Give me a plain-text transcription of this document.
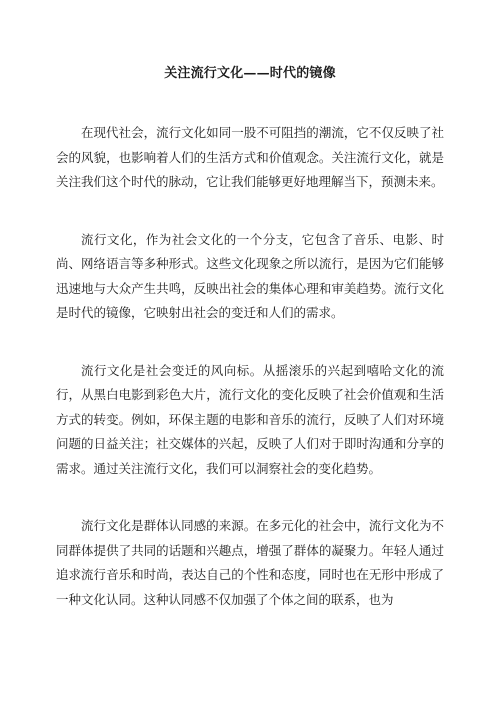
关注流行文化——时代的镜像

在现代社会，流行文化如同一股不可阻挡的潮流，它不仅反映了社会的风貌，也影响着人们的生活方式和价值观念。关注流行文化，就是关注我们这个时代的脉动，它让我们能够更好地理解当下，预测未来。

流行文化，作为社会文化的一个分支，它包含了音乐、电影、时尚、网络语言等多种形式。这些文化现象之所以流行，是因为它们能够迅速地与大众产生共鸣，反映出社会的集体心理和审美趋势。流行文化是时代的镜像，它映射出社会的变迁和人们的需求。

流行文化是社会变迁的风向标。从摇滚乐的兴起到嘻哈文化的流行，从黑白电影到彩色大片，流行文化的变化反映了社会价值观和生活方式的转变。例如，环保主题的电影和音乐的流行，反映了人们对环境问题的日益关注；社交媒体的兴起，反映了人们对于即时沟通和分享的需求。通过关注流行文化，我们可以洞察社会的变化趋势。

流行文化是群体认同感的来源。在多元化的社会中，流行文化为不同群体提供了共同的话题和兴趣点，增强了群体的凝聚力。年轻人通过追求流行音乐和时尚，表达自己的个性和态度，同时也在无形中形成了一种文化认同。这种认同感不仅加强了个体之间的联系，也为
